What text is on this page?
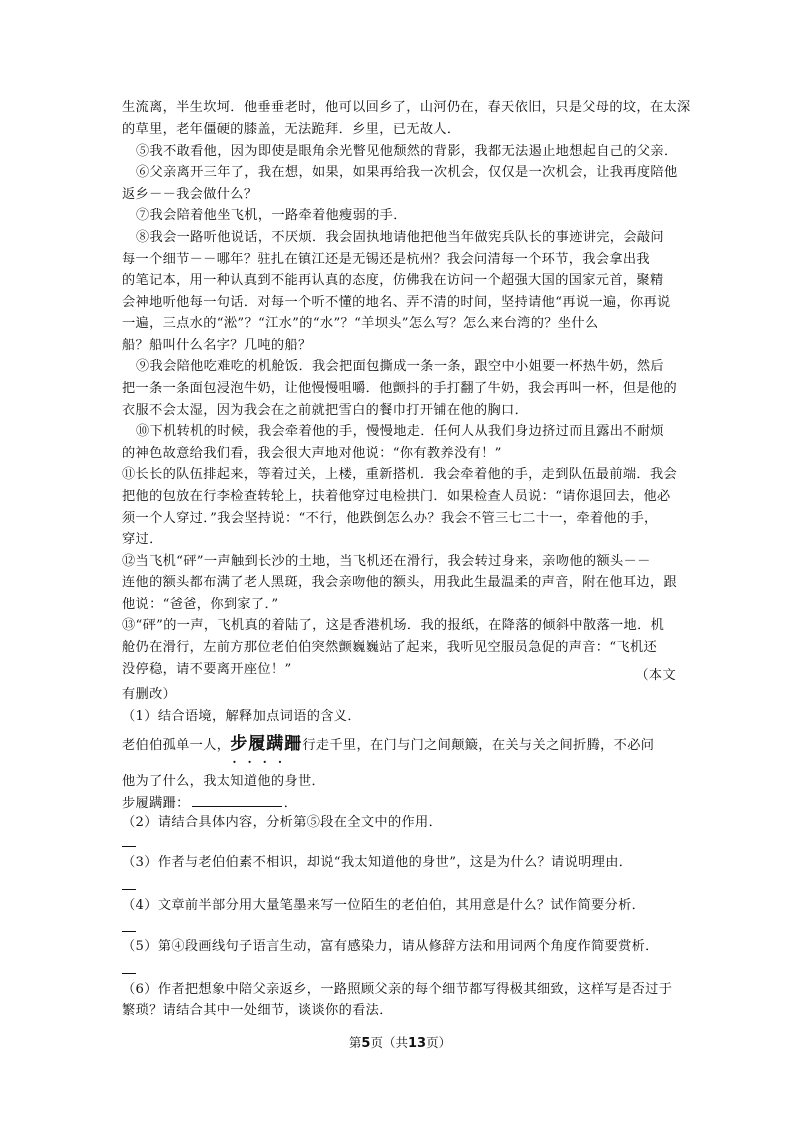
生流离，半生坎坷．他垂垂老时，他可以回乡了，山河仍在，春天依旧，只是父母的坟，在太深
的草里，老年僵硬的膝盖，无法跪拜．乡里，已无故人．
⑤我不敢看他，因为即使是眼角余光瞥见他颓然的背影，我都无法遏止地想起自己的父亲．
⑥父亲离开三年了，我在想，如果，如果再给我一次机会，仅仅是一次机会，让我再度陪他
返乡－－我会做什么？
⑦我会陪着他坐飞机，一路牵着他瘦弱的手．
⑧我会一路听他说话，不厌烦．我会固执地请他把他当年做宪兵队长的事迹讲完，会敲问
每一个细节－－哪年？驻扎在镇江还是无锡还是杭州？我会问清每一个环节，我会拿出我
的笔记本，用一种认真到不能再认真的态度，仿佛我在访问一个超强大国的国家元首，聚精
会神地听他每一句话．对每一个听不懂的地名、弄不清的时间，坚持请他“再说一遍，你再说
一遍，三点水的“淞”？“江水”的“水”？“羊坝头”怎么写？怎么来台湾的？坐什么
船？船叫什么名字？几吨的船？
⑨我会陪他吃难吃的机舱饭．我会把面包撕成一条一条，跟空中小姐要一杯热牛奶，然后
把一条一条面包浸泡牛奶，让他慢慢咀嚼．他颤抖的手打翻了牛奶，我会再叫一杯，但是他的
衣服不会太湿，因为我会在之前就把雪白的餐巾打开铺在他的胸口．
⑩下机转机的时候，我会牵着他的手，慢慢地走．任何人从我们身边挤过而且露出不耐烦
的神色故意给我们看，我会很大声地对他说：“你有教养没有！”
⑪长长的队伍排起来，等着过关，上楼，重新搭机．我会牵着他的手，走到队伍最前端．我会
把他的包放在行李检查转轮上，扶着他穿过电检拱门．如果检查人员说：“请你退回去，他必
须一个人穿过．”我会坚持说：“不行，他跌倒怎么办？我会不管三七二十一，牵着他的手，
穿过．
⑫当飞机“砰”一声触到长沙的土地，当飞机还在滑行，我会转过身来，亲吻他的额头－－
连他的额头都布满了老人黑斑，我会亲吻他的额头，用我此生最温柔的声音，附在他耳边，跟
他说：“爸爸，你到家了．”
⑬“砰”的一声，飞机真的着陆了，这是香港机场．我的报纸，在降落的倾斜中散落一地．机
舱仍在滑行，左前方那位老伯伯突然颤巍巍站了起来，我听见空服员急促的声音：“飞机还
没停稳，请不要离开座位！”	（本文
有删改）
（1）结合语境，解释加点词语的含义．
老伯伯孤单一人，步履蹒跚
····
行走千里，在门与门之间颠簸，在关与关之间折腾，不必问
他为了什么，我太知道他的身世．
步履蹒跚：	．
（2）请结合具体内容，分析第⑤段在全文中的作用．
（3）作者与老伯伯素不相识，却说“我太知道他的身世”，这是为什么？请说明理由．
（4）文章前半部分用大量笔墨来写一位陌生的老伯伯，其用意是什么？试作简要分析．
（5）第④段画线句子语言生动，富有感染力，请从修辞方法和用词两个角度作简要赏析．
（6）作者把想象中陪父亲返乡，一路照顾父亲的每个细节都写得极其细致，这样写是否过于
繁琐？请结合其中一处细节，谈谈你的看法．
第5页（共13页）
